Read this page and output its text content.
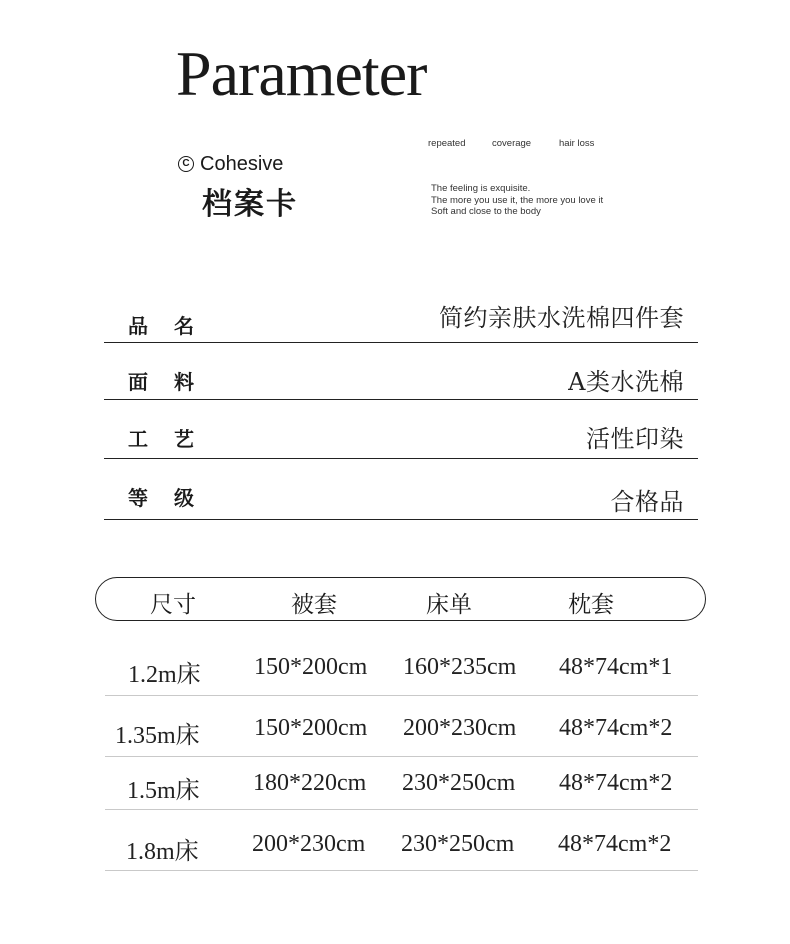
Parameter
C Cohesive
档案卡
repeated	coverage	hair loss
The feeling is exquisite.
The more you use it, the more you love it
Soft and close to the body
品名	简约亲肤水洗棉四件套
面料	A类水洗棉
工艺	活性印染
等级	合格品
尺寸	被套	床单	枕套
1.2m床 150*200cm 160*235cm 48*74cm*1
1.35m床 150*200cm 200*230cm 48*74cm*2
1.5m床 180*220cm 230*250cm 48*74cm*2
1.8m床 200*230cm 230*250cm 48*74cm*2
